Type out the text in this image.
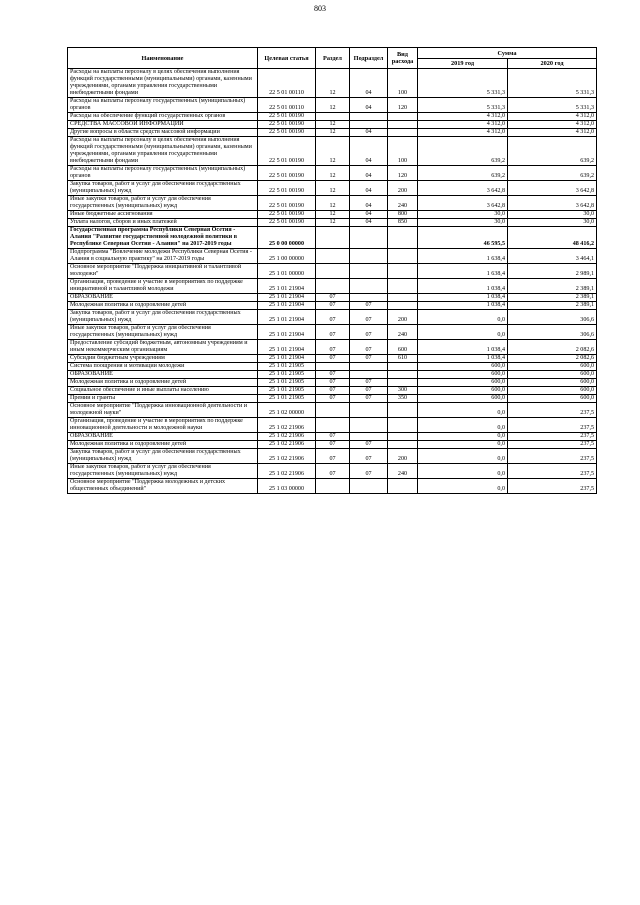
803
Наименование	Целевая статья	Раздел	Подраздел	Вид расхода	Сумма	
					2019 год	2020 год
Расходы на выплаты персоналу в целях обеспечения выполнения функций государственными (муниципальными) органами, казенными учреждениями, органами управления государственными внебюджетными фондами	22 5 01 00110	12	04	100	5 331,3	5 331,3
Расходы на выплаты персоналу государственных (муниципальных) органов	22 5 01 00110	12	04	120	5 331,3	5 331,3
Расходы на обеспечение функций государственных органов	22 5 01 00190				4 312,0	4 312,0
СРЕДСТВА МАССОВОЙ ИНФОРМАЦИИ	22 5 01 00190	12			4 312,0	4 312,0
Другие вопросы в области средств массовой информации	22 5 01 00190	12	04		4 312,0	4 312,0
Расходы на выплаты персоналу в целях обеспечения выполнения функций государственными (муниципальными) органами, казенными учреждениями, органами управления государственными внебюджетными фондами	22 5 01 00190	12	04	100	639,2	639,2
Расходы на выплаты персоналу государственных (муниципальных) органов	22 5 01 00190	12	04	120	639,2	639,2
Закупка товаров, работ и услуг для обеспечения государственных (муниципальных) нужд	22 5 01 00190	12	04	200	3 642,8	3 642,8
Иные закупки товаров, работ и услуг для обеспечения государственных (муниципальных) нужд	22 5 01 00190	12	04	240	3 642,8	3 642,8
Иные бюджетные ассигнования	22 5 01 00190	12	04	800	30,0	30,0
Уплата налогов, сборов и иных платежей	22 5 01 00190	12	04	850	30,0	30,0
Государственная программа Республики Северная Осетия - Алания "Развитие государственной молодежной политики в Республике Северная Осетия - Алания" на 2017-2019 годы	25 0 00 00000				46 595,5	48 416,2
Подпрограмма "Вовлечение молодежи Республики Северная Осетия - Алания в социальную практику" на 2017-2019 годы	25 1 00 00000				1 638,4	3 464,1
Основное мероприятие "Поддержка инициативной и талантливой молодежи"	25 1 01 00000				1 638,4	2 989,1
Организация, проведение и участие в мероприятиях по поддержке инициативной и талантливой молодежи	25 1 01 21904				1 038,4	2 389,1
ОБРАЗОВАНИЕ	25 1 01 21904	07			1 038,4	2 389,1
Молодежная политика и оздоровление детей	25 1 01 21904	07	07		1 038,4	2 389,1
Закупка товаров, работ и услуг для обеспечения государственных (муниципальных) нужд	25 1 01 21904	07	07	200	0,0	306,6
Иные закупки товаров, работ и услуг для обеспечения государственных (муниципальных) нужд	25 1 01 21904	07	07	240	0,0	306,6
Предоставление субсидий бюджетным, автономным учреждениям и иным некоммерческим организациям	25 1 01 21904	07	07	600	1 038,4	2 082,6
Субсидии бюджетным учреждениям	25 1 01 21904	07	07	610	1 038,4	2 082,6
Система поощрения и мотивации молодежи	25 1 01 21905				600,0	600,0
ОБРАЗОВАНИЕ	25 1 01 21905	07			600,0	600,0
Молодежная политика и оздоровление детей	25 1 01 21905	07	07		600,0	600,0
Социальное обеспечение и иные выплаты населению	25 1 01 21905	07	07	300	600,0	600,0
Премии и гранты	25 1 01 21905	07	07	350	600,0	600,0
Основное мероприятие "Поддержка инновационной деятельности и молодежной науки"	25 1 02 00000				0,0	237,5
Организация, проведение и участие в мероприятиях по поддержке инновационной деятельности и молодежной науки	25 1 02 21906				0,0	237,5
ОБРАЗОВАНИЕ	25 1 02 21906	07			0,0	237,5
Молодежная политика и оздоровление детей	25 1 02 21906	07	07		0,0	237,5
Закупка товаров, работ и услуг для обеспечения государственных (муниципальных) нужд	25 1 02 21906	07	07	200	0,0	237,5
Иные закупки товаров, работ и услуг для обеспечения государственных (муниципальных) нужд	25 1 02 21906	07	07	240	0,0	237,5
Основное мероприятие "Поддержка молодежных и детских общественных объединений"	25 1 03 00000				0,0	237,5
